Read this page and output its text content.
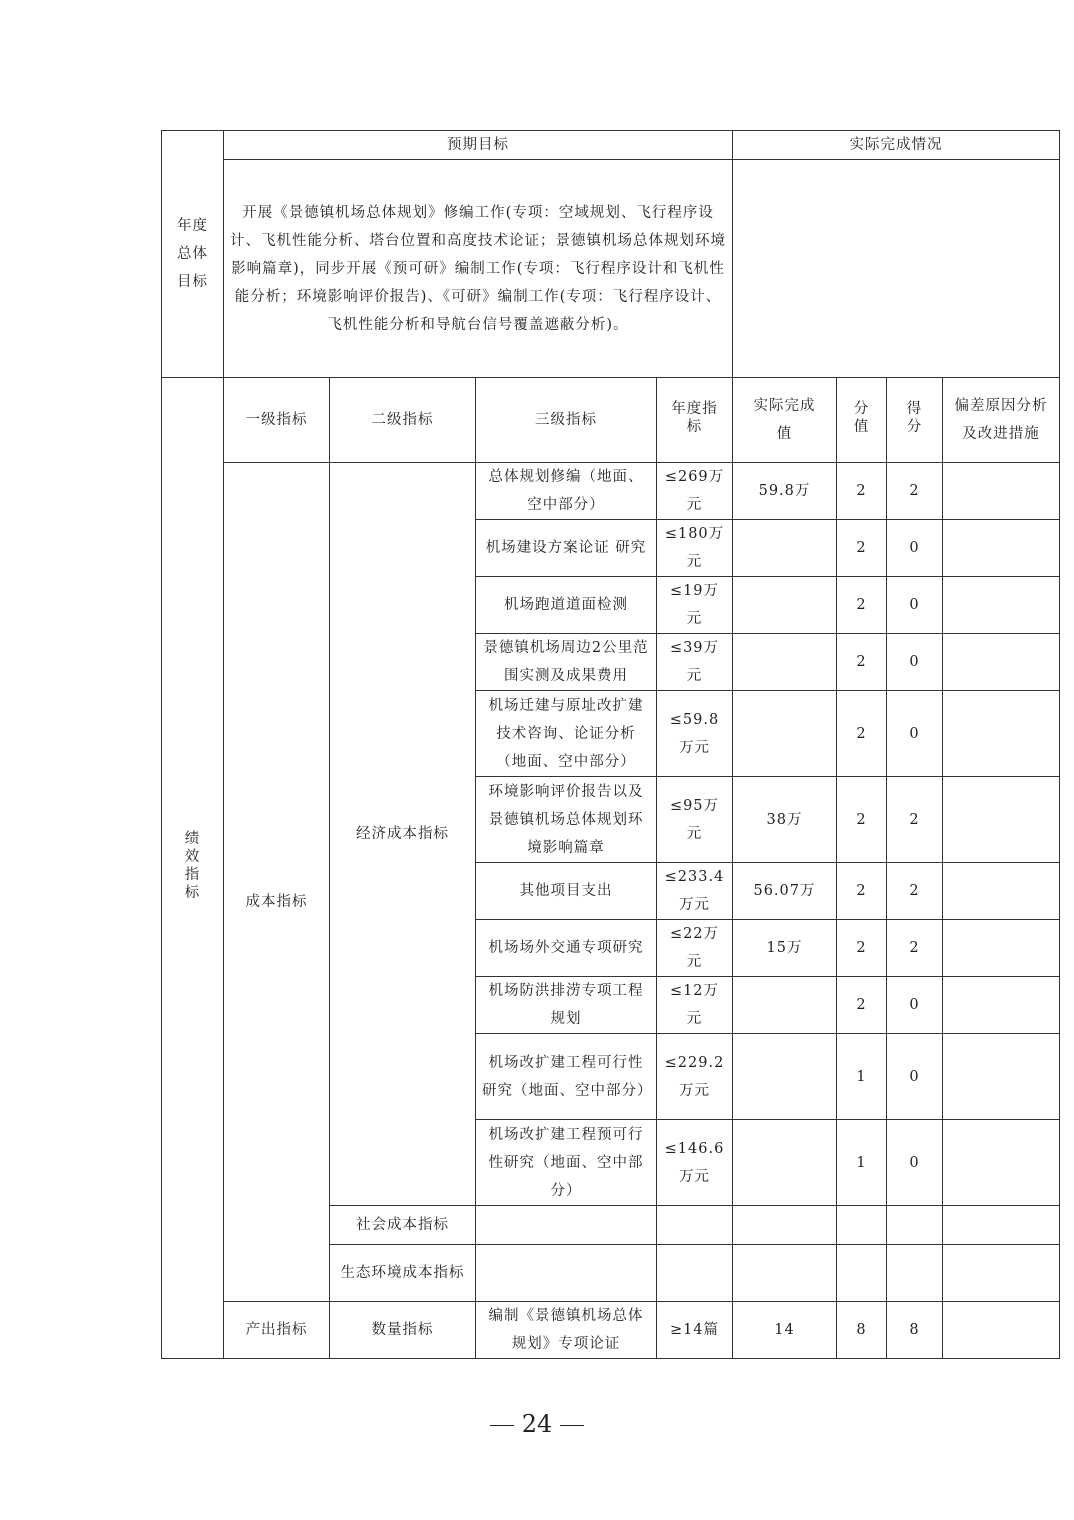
年度总体目标	预期目标				实际完成情况			
	开展《景德镇机场总体规划》修编工作(专项：空域规划、飞行程序设计、飞机性能分析、塔台位置和高度技术论证；景德镇机场总体规划环境影响篇章)，同步开展《预可研》编制工作(专项：飞行程序设计和飞机性能分析；环境影响评价报告)、《可研》编制工作(专项：飞行程序设计、飞机性能分析和导航台信号覆盖遮蔽分析)。							
绩效指标	一级指标	二级指标	三级指标	年度指标	实际完成值	分值	得分	偏差原因分析及改进措施
	成本指标	经济成本指标	总体规划修编（地面、空中部分）	≤269万元	59.8万	2	2	
			机场建设方案论证 研究	≤180万元		2	0	
			机场跑道道面检测	≤19万元		2	0	
			景德镇机场周边2公里范围实测及成果费用	≤39万元		2	0	
			机场迁建与原址改扩建技术咨询、论证分析（地面、空中部分）	≤59.8万元		2	0	
			环境影响评价报告以及景德镇机场总体规划环境影响篇章	≤95万元	38万	2	2	
			其他项目支出	≤233.4万元	56.07万	2	2	
			机场场外交通专项研究	≤22万元	15万	2	2	
			机场防洪排涝专项工程规划	≤12万元		2	0	
			机场改扩建工程可行性研究（地面、空中部分）	≤229.2万元		1	0	
			机场改扩建工程预可行性研究（地面、空中部分）	≤146.6万元		1	0	
		社会成本指标						
		生态环境成本指标						
	产出指标	数量指标	编制《景德镇机场总体规划》专项论证	≥14篇	14	8	8	
24
